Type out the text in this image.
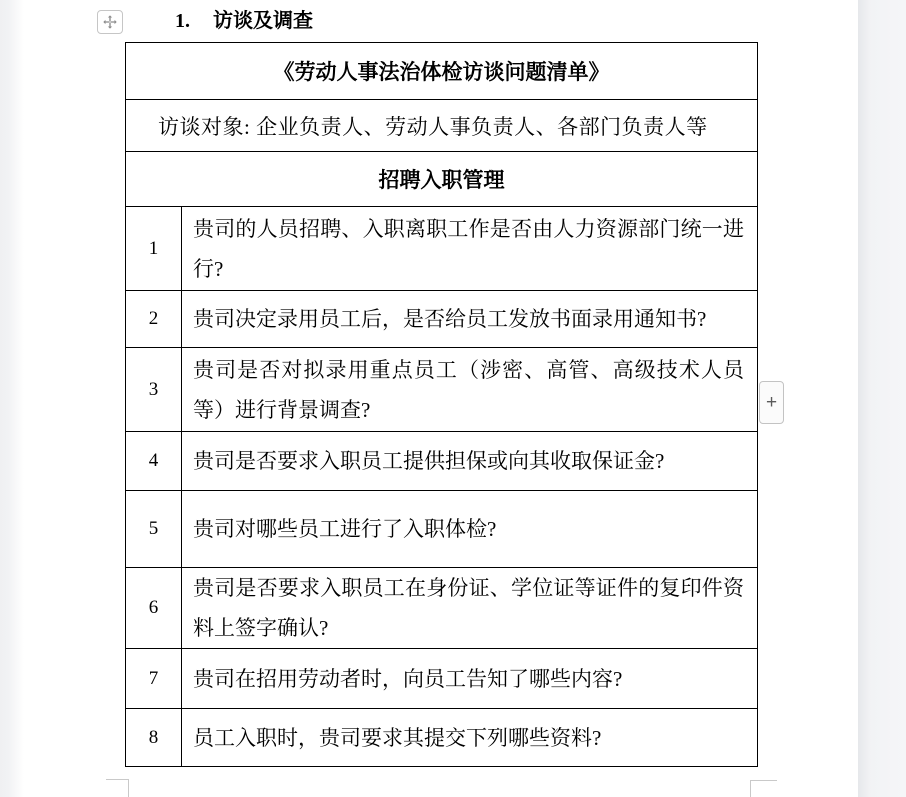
1. 访谈及调查
《劳动人事法治体检访谈问题清单》	
访谈对象: 企业负责人、劳动人事负责人、各部门负责人等	
招聘入职管理	
1	贵司的人员招聘、入职离职工作是否由人力资源部门统一进行?
2	贵司决定录用员工后，是否给员工发放书面录用通知书?
3	贵司是否对拟录用重点员工（涉密、高管、高级技术人员等）进行背景调查?
4	贵司是否要求入职员工提供担保或向其收取保证金?
5	贵司对哪些员工进行了入职体检?
6	贵司是否要求入职员工在身份证、学位证等证件的复印件资料上签字确认?
7	贵司在招用劳动者时，向员工告知了哪些内容?
8	员工入职时，贵司要求其提交下列哪些资料?
+
